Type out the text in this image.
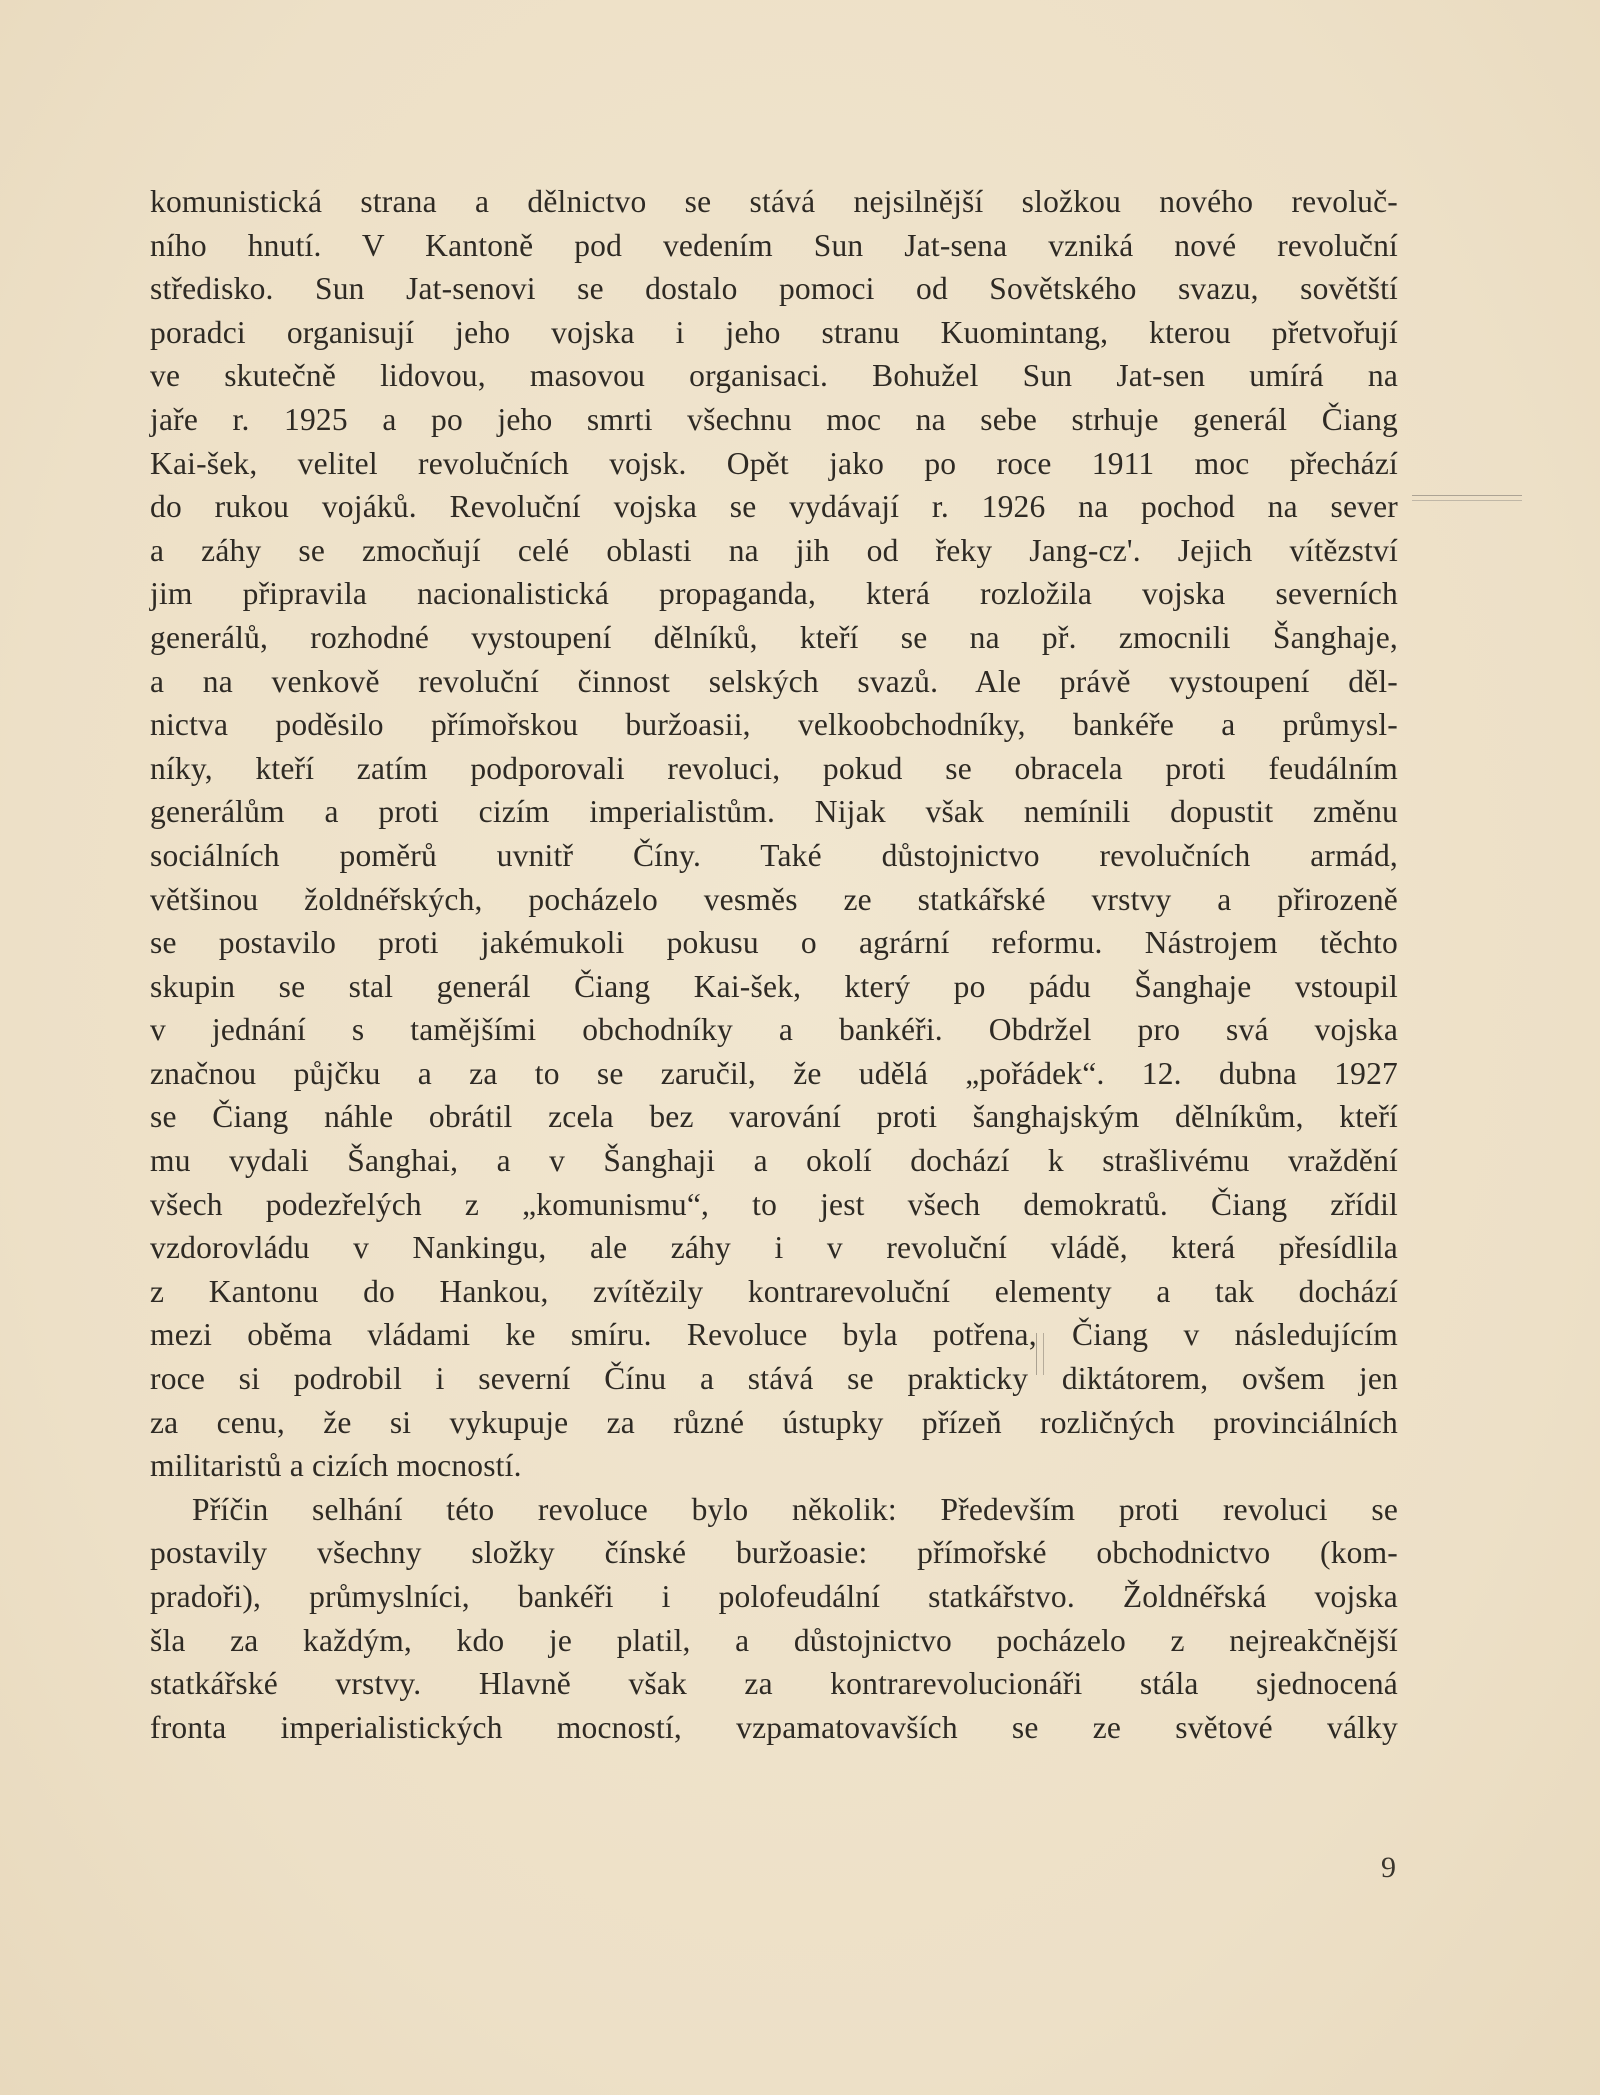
komunistická strana a dělnictvo se stává nejsilnější složkou nového revoluč-
ního hnutí. V Kantoně pod vedením Sun Jat-sena vzniká nové revoluční
středisko. Sun Jat-senovi se dostalo pomoci od Sovětského svazu, sovětští
poradci organisují jeho vojska i jeho stranu Kuomintang, kterou přetvořují
ve skutečně lidovou, masovou organisaci. Bohužel Sun Jat-sen umírá na
jaře r. 1925 a po jeho smrti všechnu moc na sebe strhuje generál Čiang
Kai-šek, velitel revolučních vojsk. Opět jako po roce 1911 moc přechází
do rukou vojáků. Revoluční vojska se vydávají r. 1926 na pochod na sever
a záhy se zmocňují celé oblasti na jih od řeky Jang-cz'. Jejich vítězství
jim připravila nacionalistická propaganda, která rozložila vojska severních
generálů, rozhodné vystoupení dělníků, kteří se na př. zmocnili Šanghaje,
a na venkově revoluční činnost selských svazů. Ale právě vystoupení děl-
nictva poděsilo přímořskou buržoasii, velkoobchodníky, bankéře a průmysl-
níky, kteří zatím podporovali revoluci, pokud se obracela proti feudálním
generálům a proti cizím imperialistům. Nijak však nemínili dopustit změnu
sociálních poměrů uvnitř Číny. Také důstojnictvo revolučních armád,
většinou žoldnéřských, pocházelo vesměs ze statkářské vrstvy a přirozeně
se postavilo proti jakémukoli pokusu o agrární reformu. Nástrojem těchto
skupin se stal generál Čiang Kai-šek, který po pádu Šanghaje vstoupil
v jednání s tamějšími obchodníky a bankéři. Obdržel pro svá vojska
značnou půjčku a za to se zaručil, že udělá „pořádek“. 12. dubna 1927
se Čiang náhle obrátil zcela bez varování proti šanghajským dělníkům, kteří
mu vydali Šanghai, a v Šanghaji a okolí dochází k strašlivému vraždění
všech podezřelých z „komunismu“, to jest všech demokratů. Čiang zřídil
vzdorovládu v Nankingu, ale záhy i v revoluční vládě, která přesídlila
z Kantonu do Hankou, zvítězily kontrarevoluční elementy a tak dochází
mezi oběma vládami ke smíru. Revoluce byla potřena, Čiang v následujícím
roce si podrobil i severní Čínu a stává se prakticky diktátorem, ovšem jen
za cenu, že si vykupuje za různé ústupky přízeň rozličných provinciálních
militaristů a cizích mocností.
Příčin selhání této revoluce bylo několik: Především proti revoluci se
postavily všechny složky čínské buržoasie: přímořské obchodnictvo (kom-
pradoři), průmyslníci, bankéři i polofeudální statkářstvo. Žoldnéřská vojska
šla za každým, kdo je platil, a důstojnictvo pocházelo z nejreakčnější
statkářské vrstvy. Hlavně však za kontrarevolucionáři stála sjednocená
fronta imperialistických mocností, vzpamatovavších se ze světové války
9
